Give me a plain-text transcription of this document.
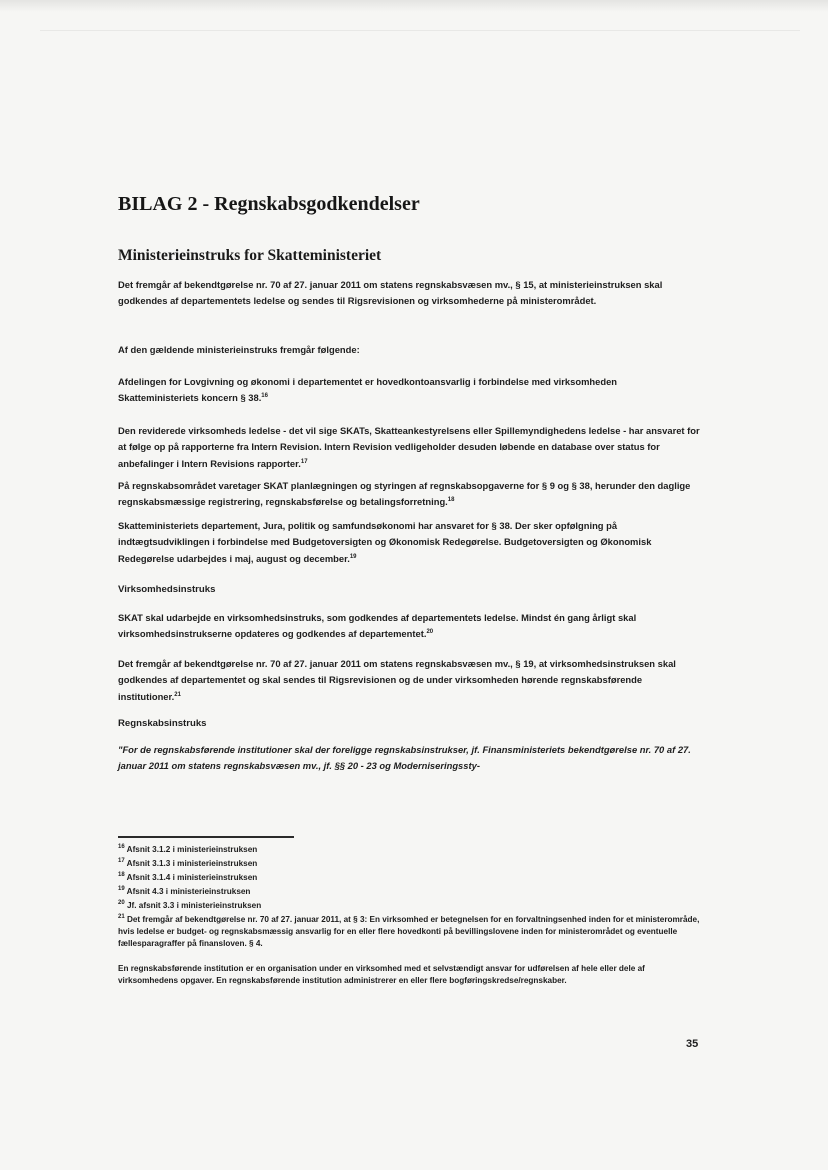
BILAG 2 - Regnskabsgodkendelser
Ministerieinstruks for Skatteministeriet

Det fremgår af bekendtgørelse nr. 70 af 27. januar 2011 om statens regnskabsvæsen mv., § 15, at ministerieinstruksen skal godkendes af departementets ledelse og sendes til Rigsrevisionen og virksomhederne på ministerområdet.

Af den gældende ministerieinstruks fremgår følgende:

Afdelingen for Lovgivning og økonomi i departementet er hovedkontoansvarlig i forbindelse med virksomheden Skatteministeriets koncern § 38.16

Den reviderede virksomheds ledelse - det vil sige SKATs, Skatteankestyrelsens eller Spillemyndighedens ledelse - har ansvaret for at følge op på rapporterne fra Intern Revision. Intern Revision vedligeholder desuden løbende en database over status for anbefalinger i Intern Revisions rapporter.$^{17}$

På regnskabsområdet varetager SKAT planlægningen og styringen af regnskabsopgaverne for § 9 og § 38, herunder den daglige regnskabsmæssige registrering, regnskabsførelse og betalingsforretning.$^{18}$

Skatteministeriets departement, Jura, politik og samfundsøkonomi har ansvaret for § 38. Der sker opfølgning på indtægtsudviklingen i forbindelse med Budgetoversigten og Økonomisk Redegørelse. Budgetoversigten og Økonomisk Redegørelse udarbejdes i maj, august og december.$^{19}$

Virksomhedsinstruks

SKAT skal udarbejde en virksomhedsinstruks, som godkendes af departementets ledelse. Mindst én gang årligt skal virksomhedsinstrukserne opdateres og godkendes af departementet.$^{20}$

Det fremgår af bekendtgørelse nr. 70 af 27. januar 2011 om statens regnskabsvæsen mv., § 19, at virksomhedsinstruksen skal godkendes af departementet og skal sendes til Rigsrevisionen og de under virksomheden hørende regnskabsførende institutioner.$^{21}$

Regnskabsinstruks

"For de regnskabsførende institutioner skal der foreligge regnskabsinstrukser, jf. Finansministeriets bekendtgørelse nr. 70 af 27. januar 2011 om statens regnskabsvæsen mv., jf. §§ 20 - 23 og Moderniseringssty-

$^{16}$ Afsnit 3.1.2 i ministerieinstruksen

$^{17}$ Afsnit 3.1.3 i ministerieinstruksen

$^{18}$ Afsnit 3.1.4 i ministerieinstruksen

$^{19}$ Afsnit 4.3 i ministerieinstruksen

$^{20}$ Jf. afsnit 3.3 i ministerieinstruksen

$^{21}$ Det fremgår af bekendtgørelse nr. 70 af 27. januar 2011, at § 3: En virksomhed er betegnelsen for en forvaltningsenhed inden for et ministerområde, hvis ledelse er budget- og regnskabsmæssig ansvarlig for en eller flere hovedkonti på bevillingslovene inden for ministerområdet og eventuelle fællesparagraffer på finansloven. § 4.

En regnskabsførende institution er en organisation under en virksomhed med et selvstændigt ansvar for udførelsen af hele eller dele af virksomhedens opgaver. En regnskabsførende institution administrerer en eller flere bogføringskredse/regnskaber.

35
